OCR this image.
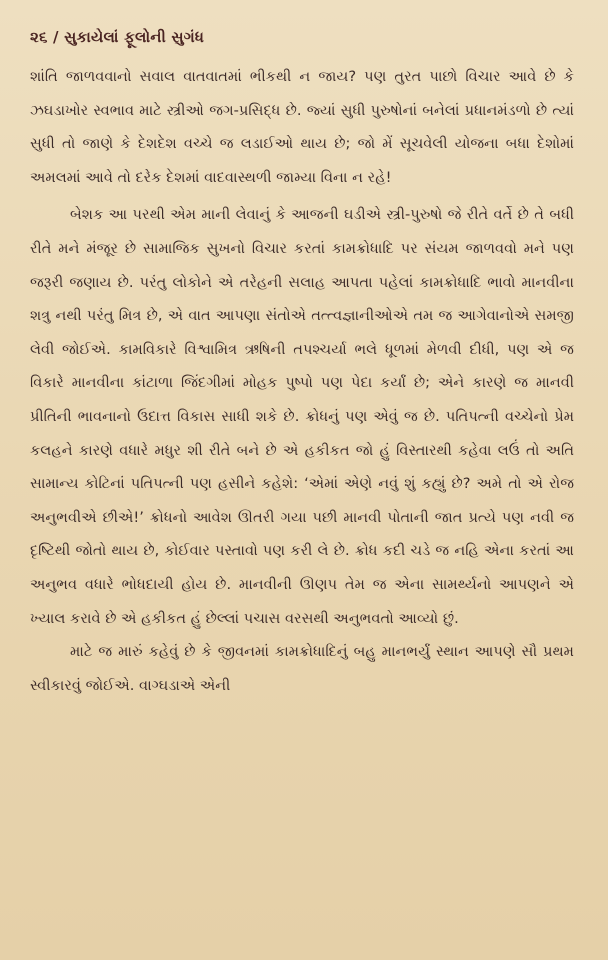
૨૬ / સુકાયેલાં ફૂલોની સુગંધ

શાંતિ જાળવવાનો સવાલ વાતવાતમાં ભીકથી ન જાય? પણ તુરત પાછો વિચાર આવે છે કે ઝઘડાખોર સ્વભાવ માટે સ્ત્રીઓ જગ-પ્રસિદ્ધ છે. જ્યાં સુધી પુરુષોનાં બનેલાં પ્રધાનમંડળો છે ત્યાં સુધી તો જાણે કે દેશદેશ વચ્ચે જ લડાઈઓ થાય છે; જો મેં સૂચવેલી યોજના બધા દેશોમાં અમલમાં આવે તો દરેક દેશમાં વાદવાસ્થળી જામ્યા વિના ન રહે!

બેશક આ પરથી એમ માની લેવાનું કે આજની ઘડીએ સ્ત્રી-પુરુષો જે રીતે વર્તે છે તે બધી રીતે મને મંજૂર છે સામાજિક સુખનો વિચાર કરતાં કામક્રોધાદિ પર સંયમ જાળવવો મને પણ જરૂરી જણાય છે. પરંતુ લોકોને એ તરેહની સલાહ આપતા પહેલાં કામક્રોધાદિ ભાવો માનવીના શત્રુ નથી પરંતુ મિત્ર છે, એ વાત આપણા સંતોએ તત્ત્વજ્ઞાનીઓએ તમ જ આગેવાનોએ સમજી લેવી જોઈએ. કામવિકારે વિશ્વામિત્ર ઋષિની તપશ્ચર્યા ભલે ધૂળમાં મેળવી દીધી, પણ એ જ વિકારે માનવીના કાંટાળા જિંદગીમાં મોહક પુષ્પો પણ પેદા કર્યાં છે; એને કારણે જ માનવી પ્રીતિની ભાવનાનો ઉદાત્ત વિકાસ સાધી શકે છે. ક્રોધનું પણ એવું જ છે. પતિપત્ની વચ્ચેનો પ્રેમ કલહને કારણે વધારે મધુર શી રીતે બને છે એ હકીકત જો હું વિસ્તારથી કહેવા લઉં તો અતિ સામાન્ય કોટિનાં પતિપત્ની પણ હસીને કહેશે: ‘એમાં એણે નવું શું કહ્યું છે? અમે તો એ રોજ અનુભવીએ છીએ!’ ક્રોધનો આવેશ ઊતરી ગયા પછી માનવી પોતાની જાત પ્રત્યે પણ નવી જ દૃષ્ટિથી જોતો થાય છે, કોઈવાર પસ્તાવો પણ કરી લે છે. ક્રોધ કદી ચડે જ નહિ એના કરતાં આ અનુભવ વધારે ભોધદાયી હોય છે. માનવીની ઊણપ તેમ જ એના સામર્થ્યનો આપણને એ ખ્યાલ કરાવે છે એ હકીકત હું છેલ્લાં પચાસ વરસથી અનુભવતો આવ્યો છું.

માટે જ મારું કહેવું છે કે જીવનમાં કામક્રોધાદિનું બહુ માનભર્યું સ્થાન આપણે સૌ પ્રથમ સ્વીકારવું જોઈએ. વાગ્ઘડાએ એની
